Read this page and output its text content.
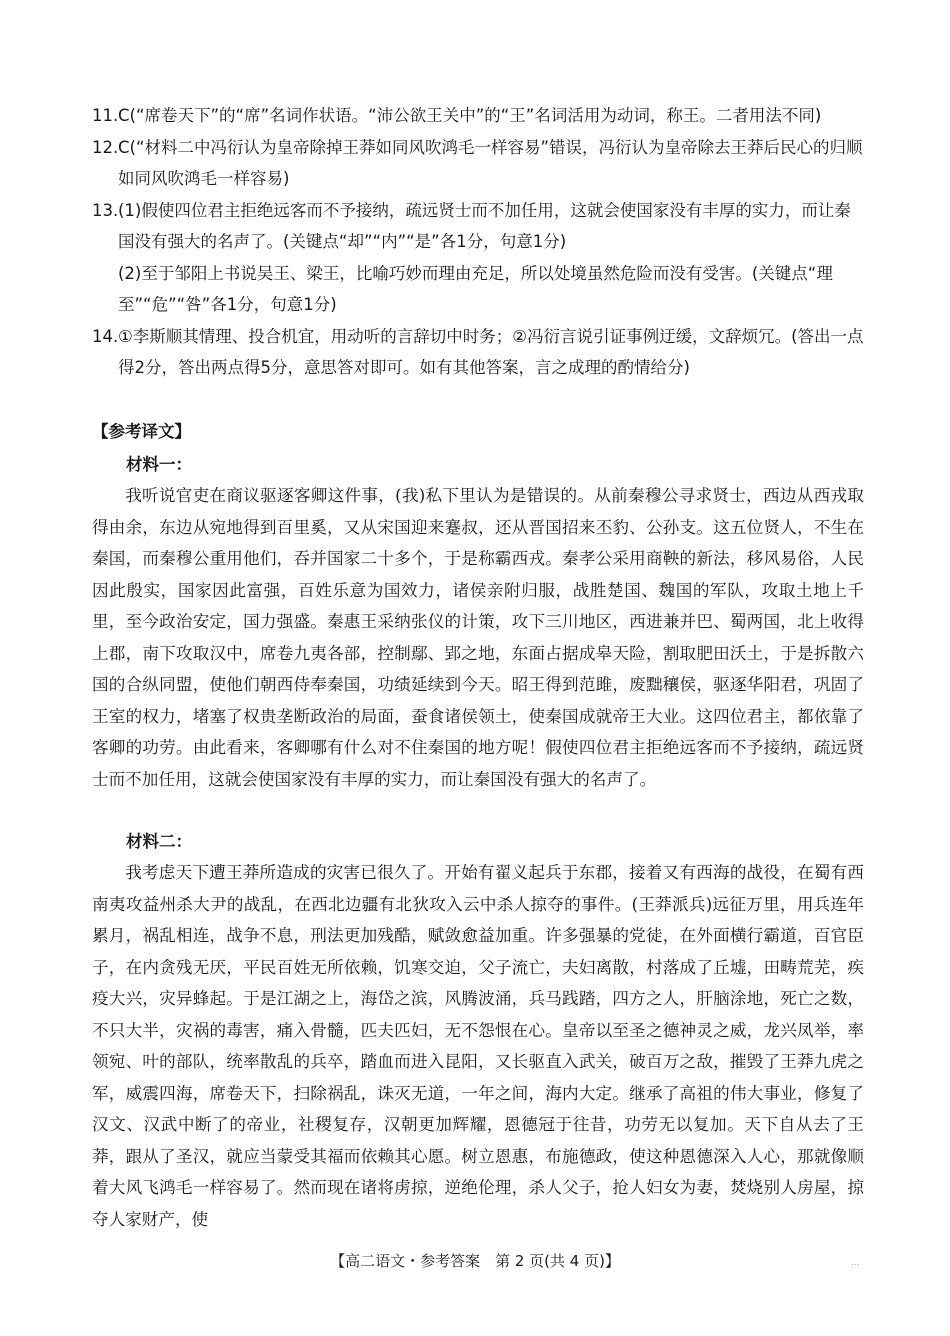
11.C(“席卷天下”的“席”名词作状语。“沛公欲王关中”的“王”名词活用为动词，称王。二者用法不同)

12.C(“材料二中冯衍认为皇帝除掉王莽如同风吹鸿毛一样容易”错误，冯衍认为皇帝除去王莽后民心的归顺如同风吹鸿毛一样容易)

13.(1)假使四位君主拒绝远客而不予接纳，疏远贤士而不加任用，这就会使国家没有丰厚的实力，而让秦国没有强大的名声了。(关键点“却”“内”“是”各1分，句意1分)

(2)至于邹阳上书说吴王、梁王，比喻巧妙而理由充足，所以处境虽然危险而没有受害。(关键点“理至”“危”“咎”各1分，句意1分)

14.①李斯顺其情理、投合机宜，用动听的言辞切中时务；②冯衍言说引证事例迂缓，文辞烦冗。(答出一点得2分，答出两点得5分，意思答对即可。如有其他答案，言之成理的酌情给分)

【参考译文】
材料一：

我听说官吏在商议驱逐客卿这件事，(我)私下里认为是错误的。从前秦穆公寻求贤士，西边从西戎取得由余，东边从宛地得到百里奚，又从宋国迎来蹇叔，还从晋国招来丕豹、公孙支。这五位贤人，不生在秦国，而秦穆公重用他们，吞并国家二十多个，于是称霸西戎。秦孝公采用商鞅的新法，移风易俗，人民因此殷实，国家因此富强，百姓乐意为国效力，诸侯亲附归服，战胜楚国、魏国的军队，攻取土地上千里，至今政治安定，国力强盛。秦惠王采纳张仪的计策，攻下三川地区，西进兼并巴、蜀两国，北上收得上郡，南下攻取汉中，席卷九夷各部，控制鄢、郢之地，东面占据成皋天险，割取肥田沃土，于是拆散六国的合纵同盟，使他们朝西侍奉秦国，功绩延续到今天。昭王得到范雎，废黜穰侯，驱逐华阳君，巩固了王室的权力，堵塞了权贵垄断政治的局面，蚕食诸侯领土，使秦国成就帝王大业。这四位君主，都依靠了客卿的功劳。由此看来，客卿哪有什么对不住秦国的地方呢！假使四位君主拒绝远客而不予接纳，疏远贤士而不加任用，这就会使国家没有丰厚的实力，而让秦国没有强大的名声了。

材料二：

我考虑天下遭王莽所造成的灾害已很久了。开始有翟义起兵于东郡，接着又有西海的战役，在蜀有西南夷攻益州杀大尹的战乱，在西北边疆有北狄攻入云中杀人掠夺的事件。(王莽派兵)远征万里，用兵连年累月，祸乱相连，战争不息，刑法更加残酷，赋敛愈益加重。许多强暴的党徒，在外面横行霸道，百官臣子，在内贪残无厌，平民百姓无所依赖，饥寒交迫，父子流亡，夫妇离散，村落成了丘墟，田畴荒芜，疾疫大兴，灾异蜂起。于是江湖之上，海岱之滨，风腾波涌，兵马践踏，四方之人，肝脑涂地，死亡之数，不只大半，灾祸的毒害，痛入骨髓，匹夫匹妇，无不怨恨在心。皇帝以至圣之德神灵之威，龙兴凤举，率领宛、叶的部队，统率散乱的兵卒，踏血而进入昆阳，又长驱直入武关，破百万之敌，摧毁了王莽九虎之军，威震四海，席卷天下，扫除祸乱，诛灭无道，一年之间，海内大定。继承了高祖的伟大事业，修复了汉文、汉武中断了的帝业，社稷复存，汉朝更加辉耀，恩德冠于往昔，功劳无以复加。天下自从去了王莽，跟从了圣汉，就应当蒙受其福而依赖其心愿。树立恩惠，布施德政，使这种恩德深入人心，那就像顺着大风飞鸿毛一样容易了。然而现在诸将虏掠，逆绝伦理，杀人父子，抢人妇女为妻，焚烧别人房屋，掠夺人家财产，使

【高二语文・参考答案　第 2 页(共 4 页)】	...
